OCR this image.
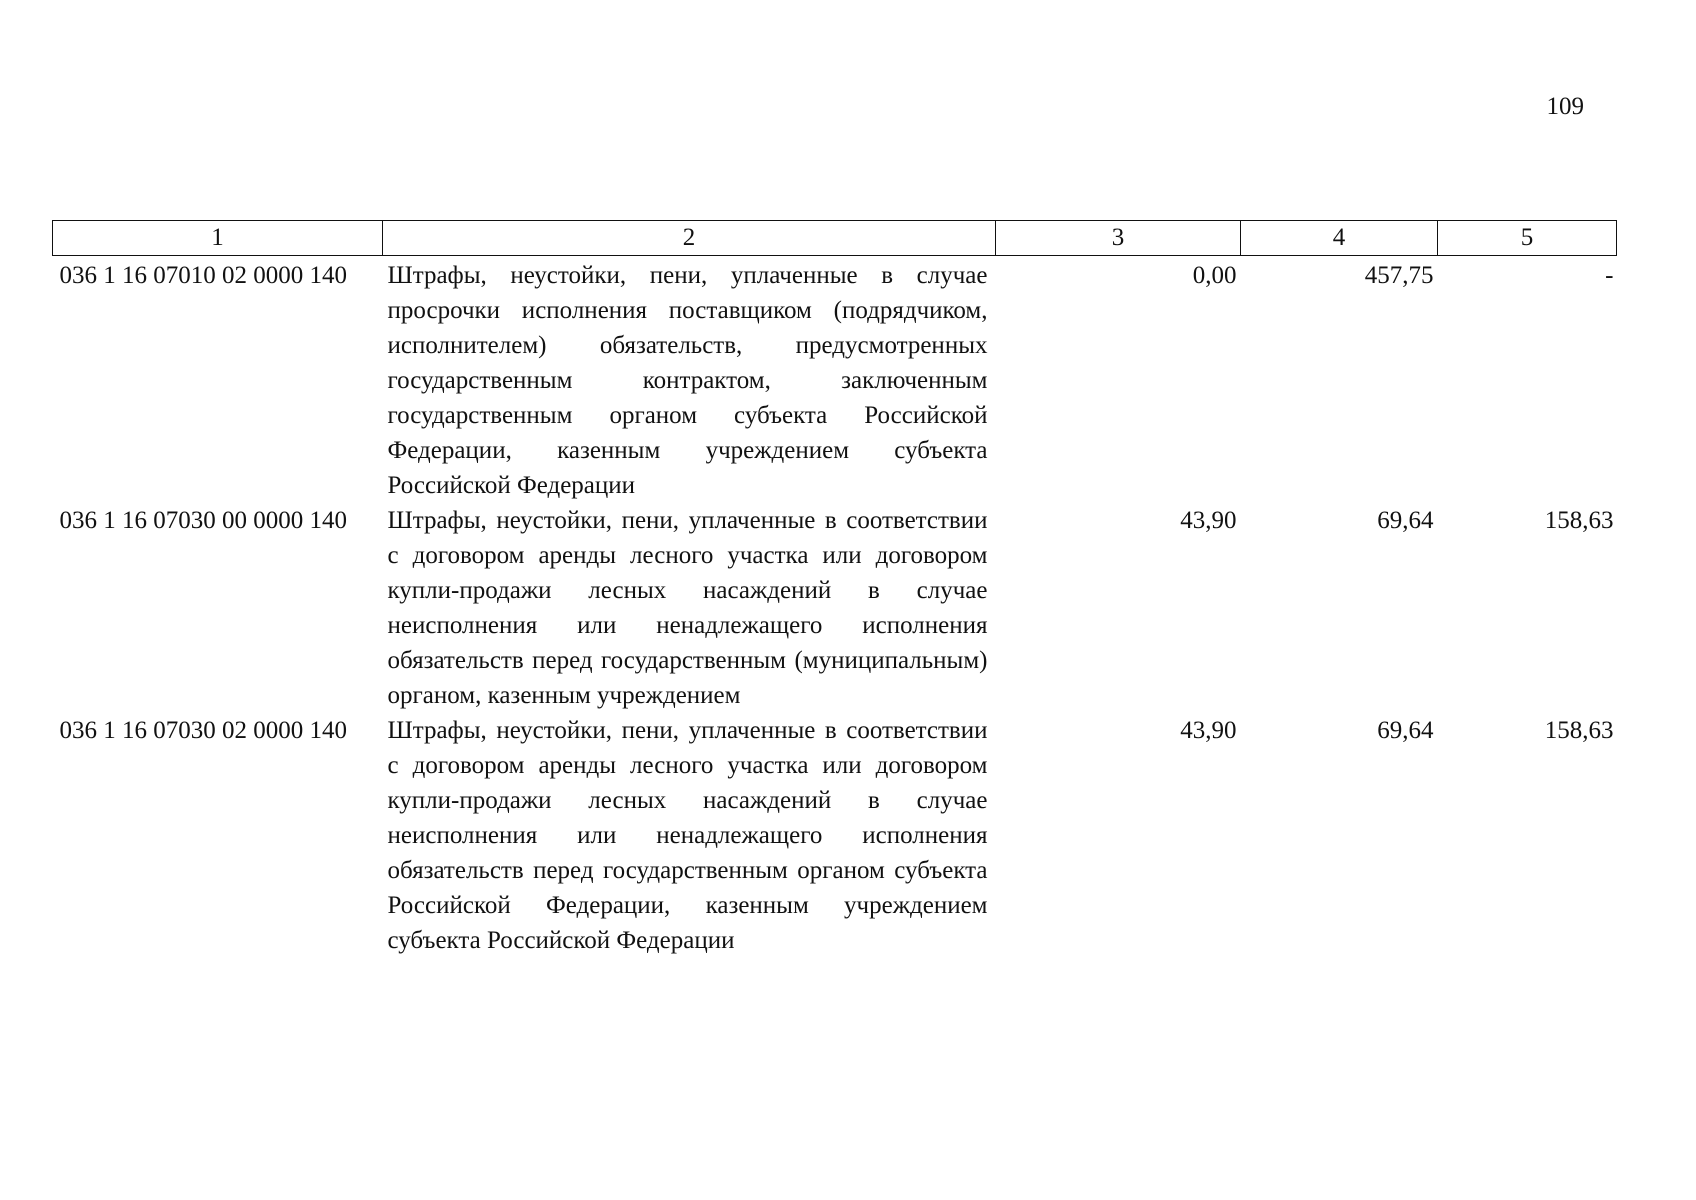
109
1	2	3	4	5
036 1 16 07010 02 0000 140	Штрафы, неустойки, пени, уплаченные в случае просрочки исполнения поставщиком (подрядчиком, исполнителем) обязательств, предусмотренных государственным контрактом, заключенным государственным органом субъекта Российской Федерации, казенным учреждением субъекта Российской Федерации	0,00	457,75	-
036 1 16 07030 00 0000 140	Штрафы, неустойки, пени, уплаченные в соответствии с договором аренды лесного участка или договором купли-продажи лесных насаждений в случае неисполнения или ненадлежащего исполнения обязательств перед государственным (муниципальным) органом, казенным учреждением	43,90	69,64	158,63
036 1 16 07030 02 0000 140	Штрафы, неустойки, пени, уплаченные в соответствии с договором аренды лесного участка или договором купли-продажи лесных насаждений в случае неисполнения или ненадлежащего исполнения обязательств перед государственным органом субъекта Российской Федерации, казенным учреждением субъекта Российской Федерации	43,90	69,64	158,63
